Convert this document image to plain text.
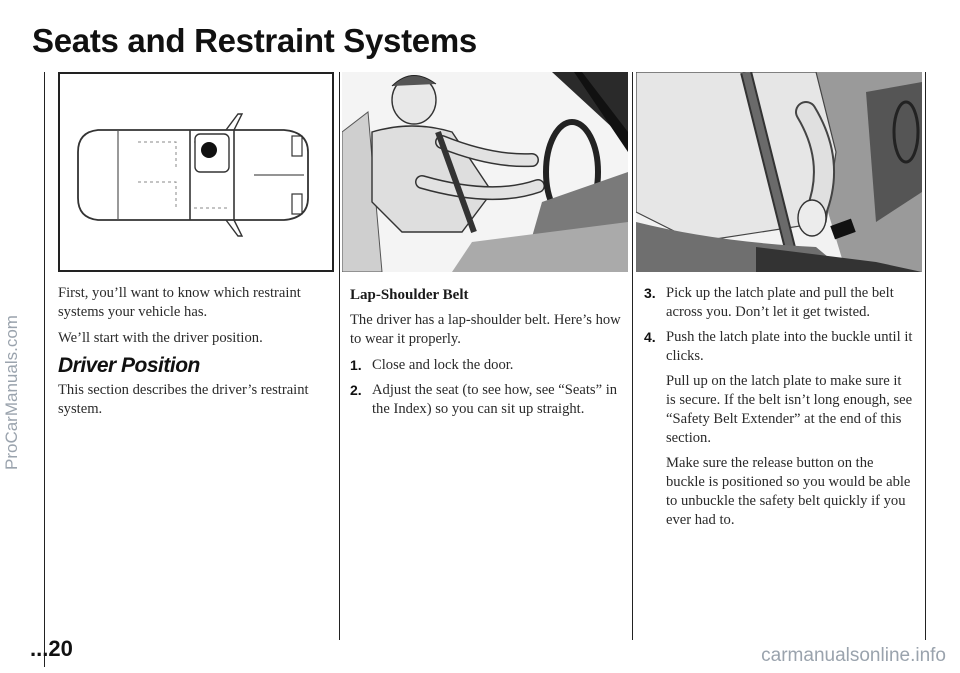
Seats and Restraint Systems
ProCarManuals.com

First, you’ll want to know which restraint systems your vehicle has.

We’ll start with the driver position.

Driver Position

This section describes the driver’s restraint system.

Lap-Shoulder Belt

The driver has a lap-shoulder belt. Here’s how to wear it properly.

1. Close and lock the door.
2. Adjust the seat (to see how, see “Seats” in the Index) so you can sit up straight.
3. Pick up the latch plate and pull the belt across you. Don’t let it get twisted.
4. Push the latch plate into the buckle until it clicks.

Pull up on the latch plate to make sure it is secure. If the belt isn’t long enough, see “Safety Belt Extender” at the end of this section.

Make sure the release button on the buckle is positioned so you would be able to unbuckle the safety belt quickly if you ever had to.

...20	carmanualsonline.info
